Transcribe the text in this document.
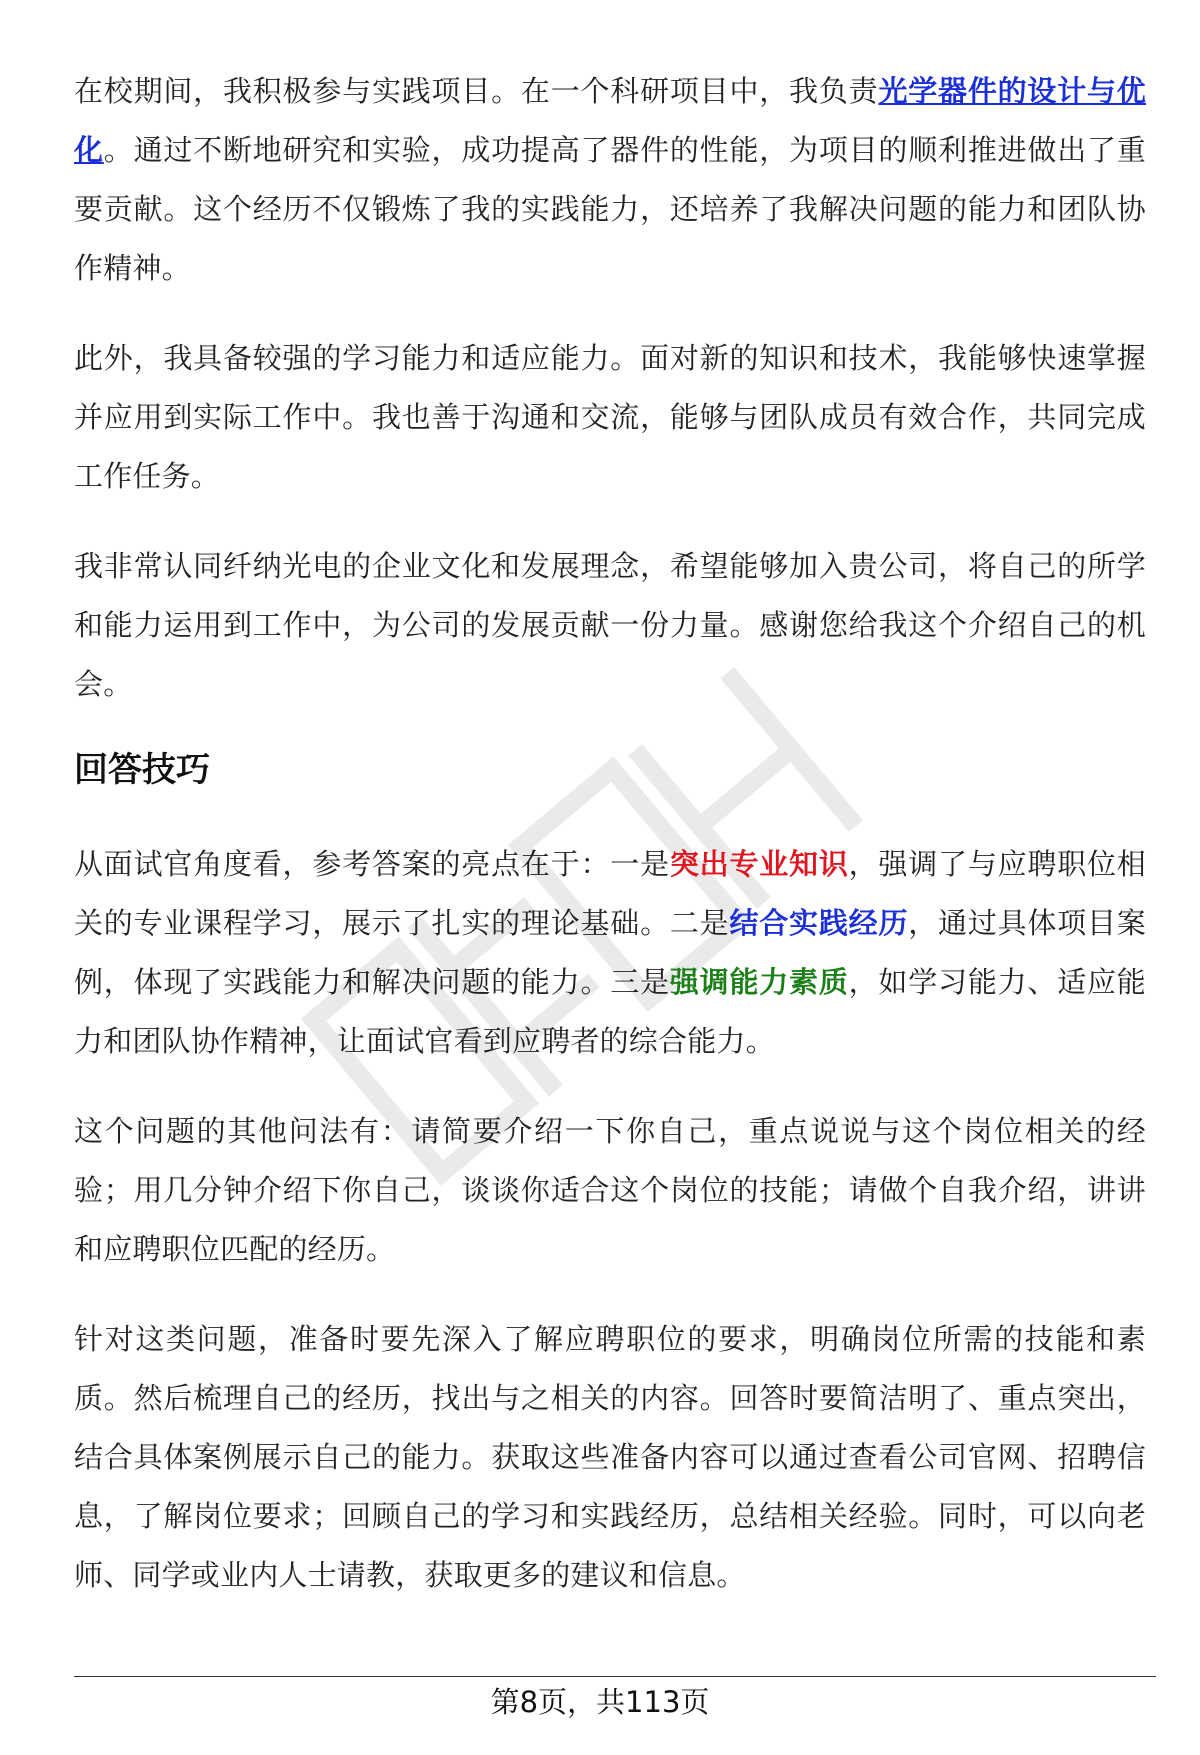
在校期间，我积极参与实践项目。在一个科研项目中，我负责光学器件的设计与优化。通过不断地研究和实验，成功提高了器件的性能，为项目的顺利推进做出了重要贡献。这个经历不仅锻炼了我的实践能力，还培养了我解决问题的能力和团队协作精神。

此外，我具备较强的学习能力和适应能力。面对新的知识和技术，我能够快速掌握并应用到实际工作中。我也善于沟通和交流，能够与团队成员有效合作，共同完成工作任务。

我非常认同纤纳光电的企业文化和发展理念，希望能够加入贵公司，将自己的所学和能力运用到工作中，为公司的发展贡献一份力量。感谢您给我这个介绍自己的机会。

回答技巧

从面试官角度看，参考答案的亮点在于：一是突出专业知识，强调了与应聘职位相关的专业课程学习，展示了扎实的理论基础。二是结合实践经历，通过具体项目案例，体现了实践能力和解决问题的能力。三是强调能力素质，如学习能力、适应能力和团队协作精神，让面试官看到应聘者的综合能力。

这个问题的其他问法有：请简要介绍一下你自己，重点说说与这个岗位相关的经验；用几分钟介绍下你自己，谈谈你适合这个岗位的技能；请做个自我介绍，讲讲和应聘职位匹配的经历。

针对这类问题，准备时要先深入了解应聘职位的要求，明确岗位所需的技能和素质。然后梳理自己的经历，找出与之相关的内容。回答时要简洁明了、重点突出，结合具体案例展示自己的能力。获取这些准备内容可以通过查看公司官网、招聘信息，了解岗位要求；回顾自己的学习和实践经历，总结相关经验。同时，可以向老师、同学或业内人士请教，获取更多的建议和信息。

第8页，共113页
